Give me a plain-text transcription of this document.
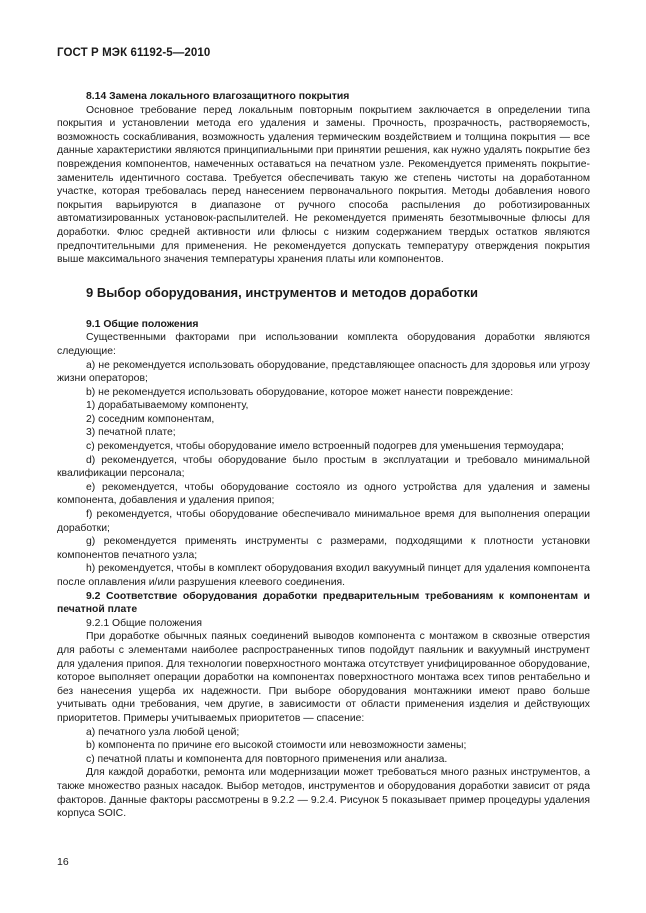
ГОСТ Р МЭК 61192-5—2010

8.14 Замена локального влагозащитного покрытия

Основное требование перед локальным повторным покрытием заключается в определении типа покрытия и установлении метода его удаления и замены. Прочность, прозрачность, растворяемость, возможность соскабливания, возможность удаления термическим воздействием и толщина покрытия — все данные характеристики являются принципиальными при принятии решения, как нужно удалять покрытие без повреждения компонентов, намеченных оставаться на печатном узле. Рекомендуется применять покрытие-заменитель идентичного состава. Требуется обеспечивать такую же степень чистоты на доработанном участке, которая требовалась перед нанесением первоначального покрытия. Методы добавления нового покрытия варьируются в диапазоне от ручного способа распыления до роботизированных автоматизированных установок-распылителей. Не рекомендуется применять безотмывочные флюсы для доработки. Флюс средней активности или флюсы с низким содержанием твердых остатков являются предпочтительными для применения. Не рекомендуется допускать температуру отверждения покрытия выше максимального значения температуры хранения платы или компонентов.

9 Выбор оборудования, инструментов и методов доработки

9.1 Общие положения

Существенными факторами при использовании комплекта оборудования доработки являются следующие:

a) не рекомендуется использовать оборудование, представляющее опасность для здоровья или угрозу жизни операторов;

b) не рекомендуется использовать оборудование, которое может нанести повреждение:

1) дорабатываемому компоненту,

2) соседним компонентам,

3) печатной плате;

c) рекомендуется, чтобы оборудование имело встроенный подогрев для уменьшения термоудара;

d) рекомендуется, чтобы оборудование было простым в эксплуатации и требовало минимальной квалификации персонала;

e) рекомендуется, чтобы оборудование состояло из одного устройства для удаления и замены компонента, добавления и удаления припоя;

f) рекомендуется, чтобы оборудование обеспечивало минимальное время для выполнения операции доработки;

g) рекомендуется применять инструменты с размерами, подходящими к плотности установки компонентов печатного узла;

h) рекомендуется, чтобы в комплект оборудования входил вакуумный пинцет для удаления компонента после оплавления и/или разрушения клеевого соединения.

9.2 Соответствие оборудования доработки предварительным требованиям к компонентам и печатной плате

9.2.1 Общие положения

При доработке обычных паяных соединений выводов компонента с монтажом в сквозные отверстия для работы с элементами наиболее распространенных типов подойдут паяльник и вакуумный инструмент для удаления припоя. Для технологии поверхностного монтажа отсутствует унифицированное оборудование, которое выполняет операции доработки на компонентах поверхностного монтажа всех типов рентабельно и без нанесения ущерба их надежности. При выборе оборудования монтажники имеют право больше учитывать одни требования, чем другие, в зависимости от области применения изделия и действующих приоритетов. Примеры учитываемых приоритетов — спасение:

a) печатного узла любой ценой;

b) компонента по причине его высокой стоимости или невозможности замены;

c) печатной платы и компонента для повторного применения или анализа.

Для каждой доработки, ремонта или модернизации может требоваться много разных инструментов, а также множество разных насадок. Выбор методов, инструментов и оборудования доработки зависит от ряда факторов. Данные факторы рассмотрены в 9.2.2 — 9.2.4. Рисунок 5 показывает пример процедуры удаления корпуса SOIC.

16
